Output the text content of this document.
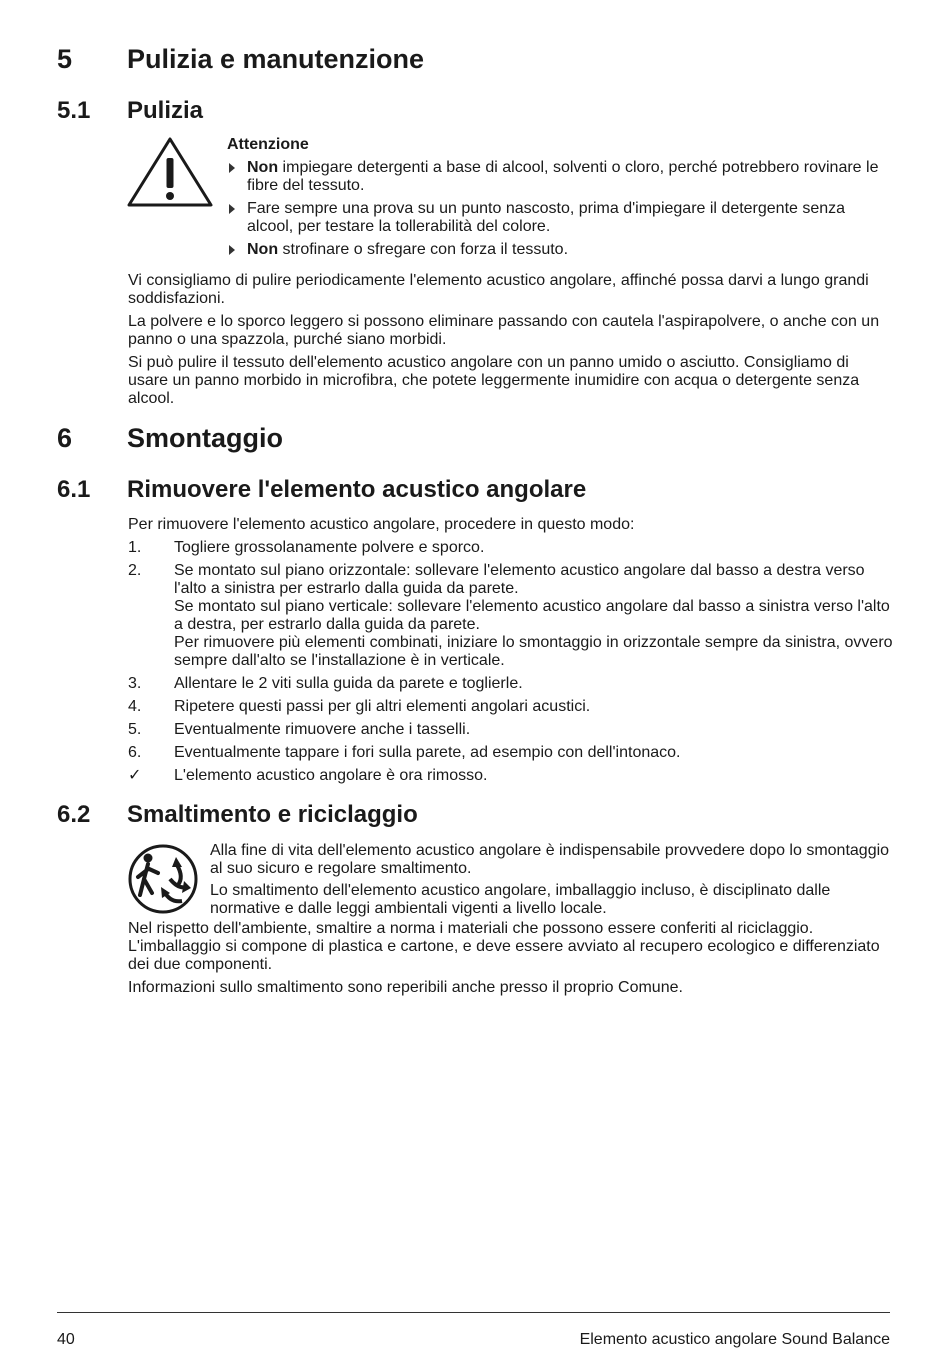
5 Pulizia e manutenzione
5.1 Pulizia
Attenzione
Non impiegare detergenti a base di alcool, solventi o cloro, perché potrebbero rovinare le fibre del tessuto.
Fare sempre una prova su un punto nascosto, prima d'impiegare il detergente senza alcool, per testare la tollerabilità del colore.
Non strofinare o sfregare con forza il tessuto.

Vi consigliamo di pulire periodicamente l'elemento acustico angolare, affinché possa darvi a lungo grandi soddisfazioni.

La polvere e lo sporco leggero si possono eliminare passando con cautela l'aspirapolvere, o anche con un panno o una spazzola, purché siano morbidi.

Si può pulire il tessuto dell'elemento acustico angolare con un panno umido o asciutto. Consigliamo di usare un panno morbido in microfibra, che potete leggermente inumidire con acqua o detergente senza alcool.

6 Smontaggio
6.1 Rimuovere l'elemento acustico angolare
Per rimuovere l'elemento acustico angolare, procedere in questo modo:
1. Togliere grossolanamente polvere e sporco.
2. Se montato sul piano orizzontale: sollevare l'elemento acustico angolare dal basso a destra verso l'alto a sinistra per estrarlo dalla guida da parete.
Se montato sul piano verticale: sollevare l'elemento acustico angolare dal basso a sinistra verso l'alto a destra, per estrarlo dalla guida da parete.
Per rimuovere più elementi combinati, iniziare lo smontaggio in orizzontale sempre da sinistra, ovvero sempre dall'alto se l'installazione è in verticale.
3. Allentare le 2 viti sulla guida da parete e toglierle.
4. Ripetere questi passi per gli altri elementi angolari acustici.
5. Eventualmente rimuovere anche i tasselli.
6. Eventualmente tappare i fori sulla parete, ad esempio con dell'intonaco.
✓ L'elemento acustico angolare è ora rimosso.
6.2 Smaltimento e riciclaggio

Alla fine di vita dell'elemento acustico angolare è indispensabile provvedere dopo lo smontaggio al suo sicuro e regolare smaltimento.

Lo smaltimento dell'elemento acustico angolare, imballaggio incluso, è disciplinato dalle normative e dalle leggi ambientali vigenti a livello locale.

Nel rispetto dell'ambiente, smaltire a norma i materiali che possono essere conferiti al riciclaggio. L'imballaggio si compone di plastica e cartone, e deve essere avviato al recupero ecologico e differenziato dei due componenti.

Informazioni sullo smaltimento sono reperibili anche presso il proprio Comune.

40	Elemento acustico angolare Sound Balance
